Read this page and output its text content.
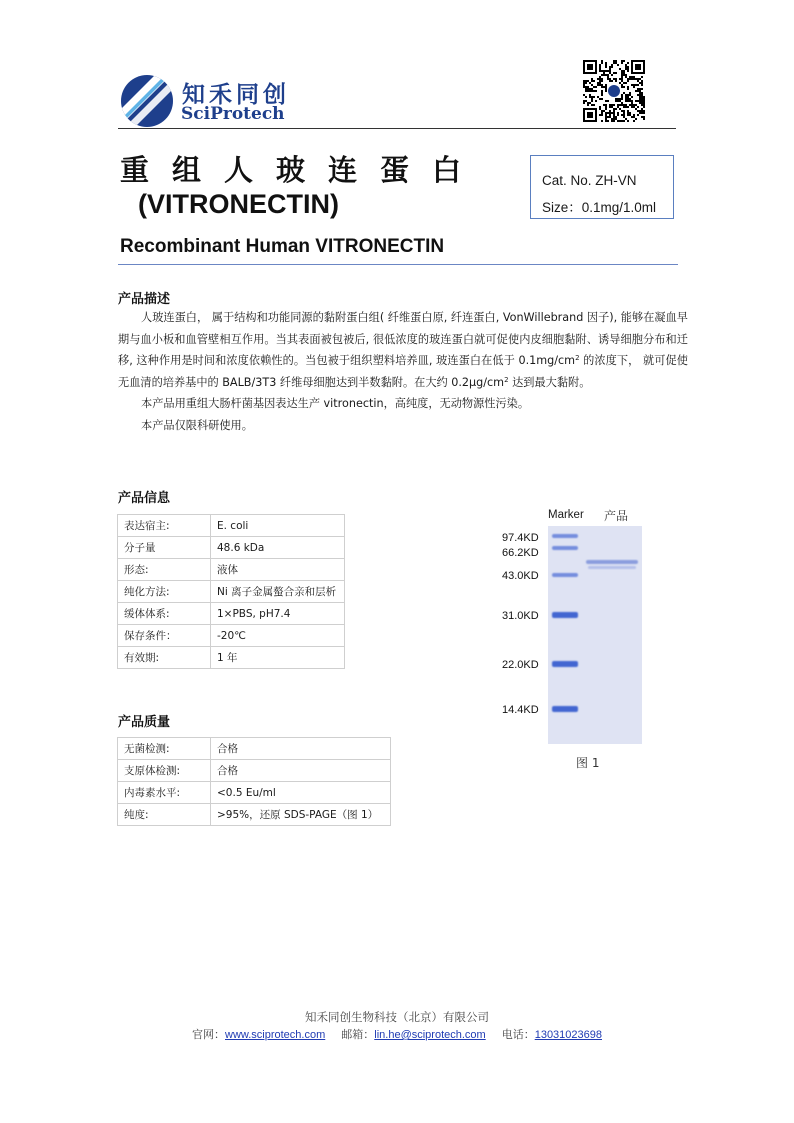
知禾同创
SciProtech
重组人玻连蛋白
(VITRONECTIN)
Cat. No. ZH-VN
Size：0.1mg/1.0ml
Recombinant Human VITRONECTIN
产品描述

人玻连蛋白， 属于结构和功能同源的黏附蛋白组( 纤维蛋白原, 纤连蛋白, VonWillebrand 因子), 能够在凝血早期与血小板和血管壁相互作用。当其表面被包被后, 很低浓度的玻连蛋白就可促使内皮细胞黏附、诱导细胞分布和迁移, 这种作用是时间和浓度依赖性的。当包被于组织塑料培养皿, 玻连蛋白在低于 $0.1mg/cm^2$ 的浓度下， 就可促使无血清的培养基中的 BALB/3T3 纤维母细胞达到半数黏附。在大约 $0.2\mu g/cm^2$ 达到最大黏附。

本产品用重组大肠杆菌基因表达生产 vitronectin，高纯度，无动物源性污染。

本产品仅限科研使用。

产品信息
表达宿主:	E. coli
分子量	48.6 kDa
形态:	液体
纯化方法:	Ni 离子金属螯合亲和层析
缓体体系:	1×PBS, pH7.4
保存条件：	-20℃
有效期:	1 年
产品质量
无菌检测:	合格
支原体检测:	合格
内毒素水平:	<0.5 Eu/ml
纯度:	>95%，还原 SDS-PAGE（图 1）
Marker 产品
97.4KD
66.2KD
43.0KD
31.0KD
22.0KD
14.4KD
图 1
知禾同创生物科技（北京）有限公司
官网：www.sciprotech.com 邮箱：lin.he@sciprotech.com 电话：13031023698
